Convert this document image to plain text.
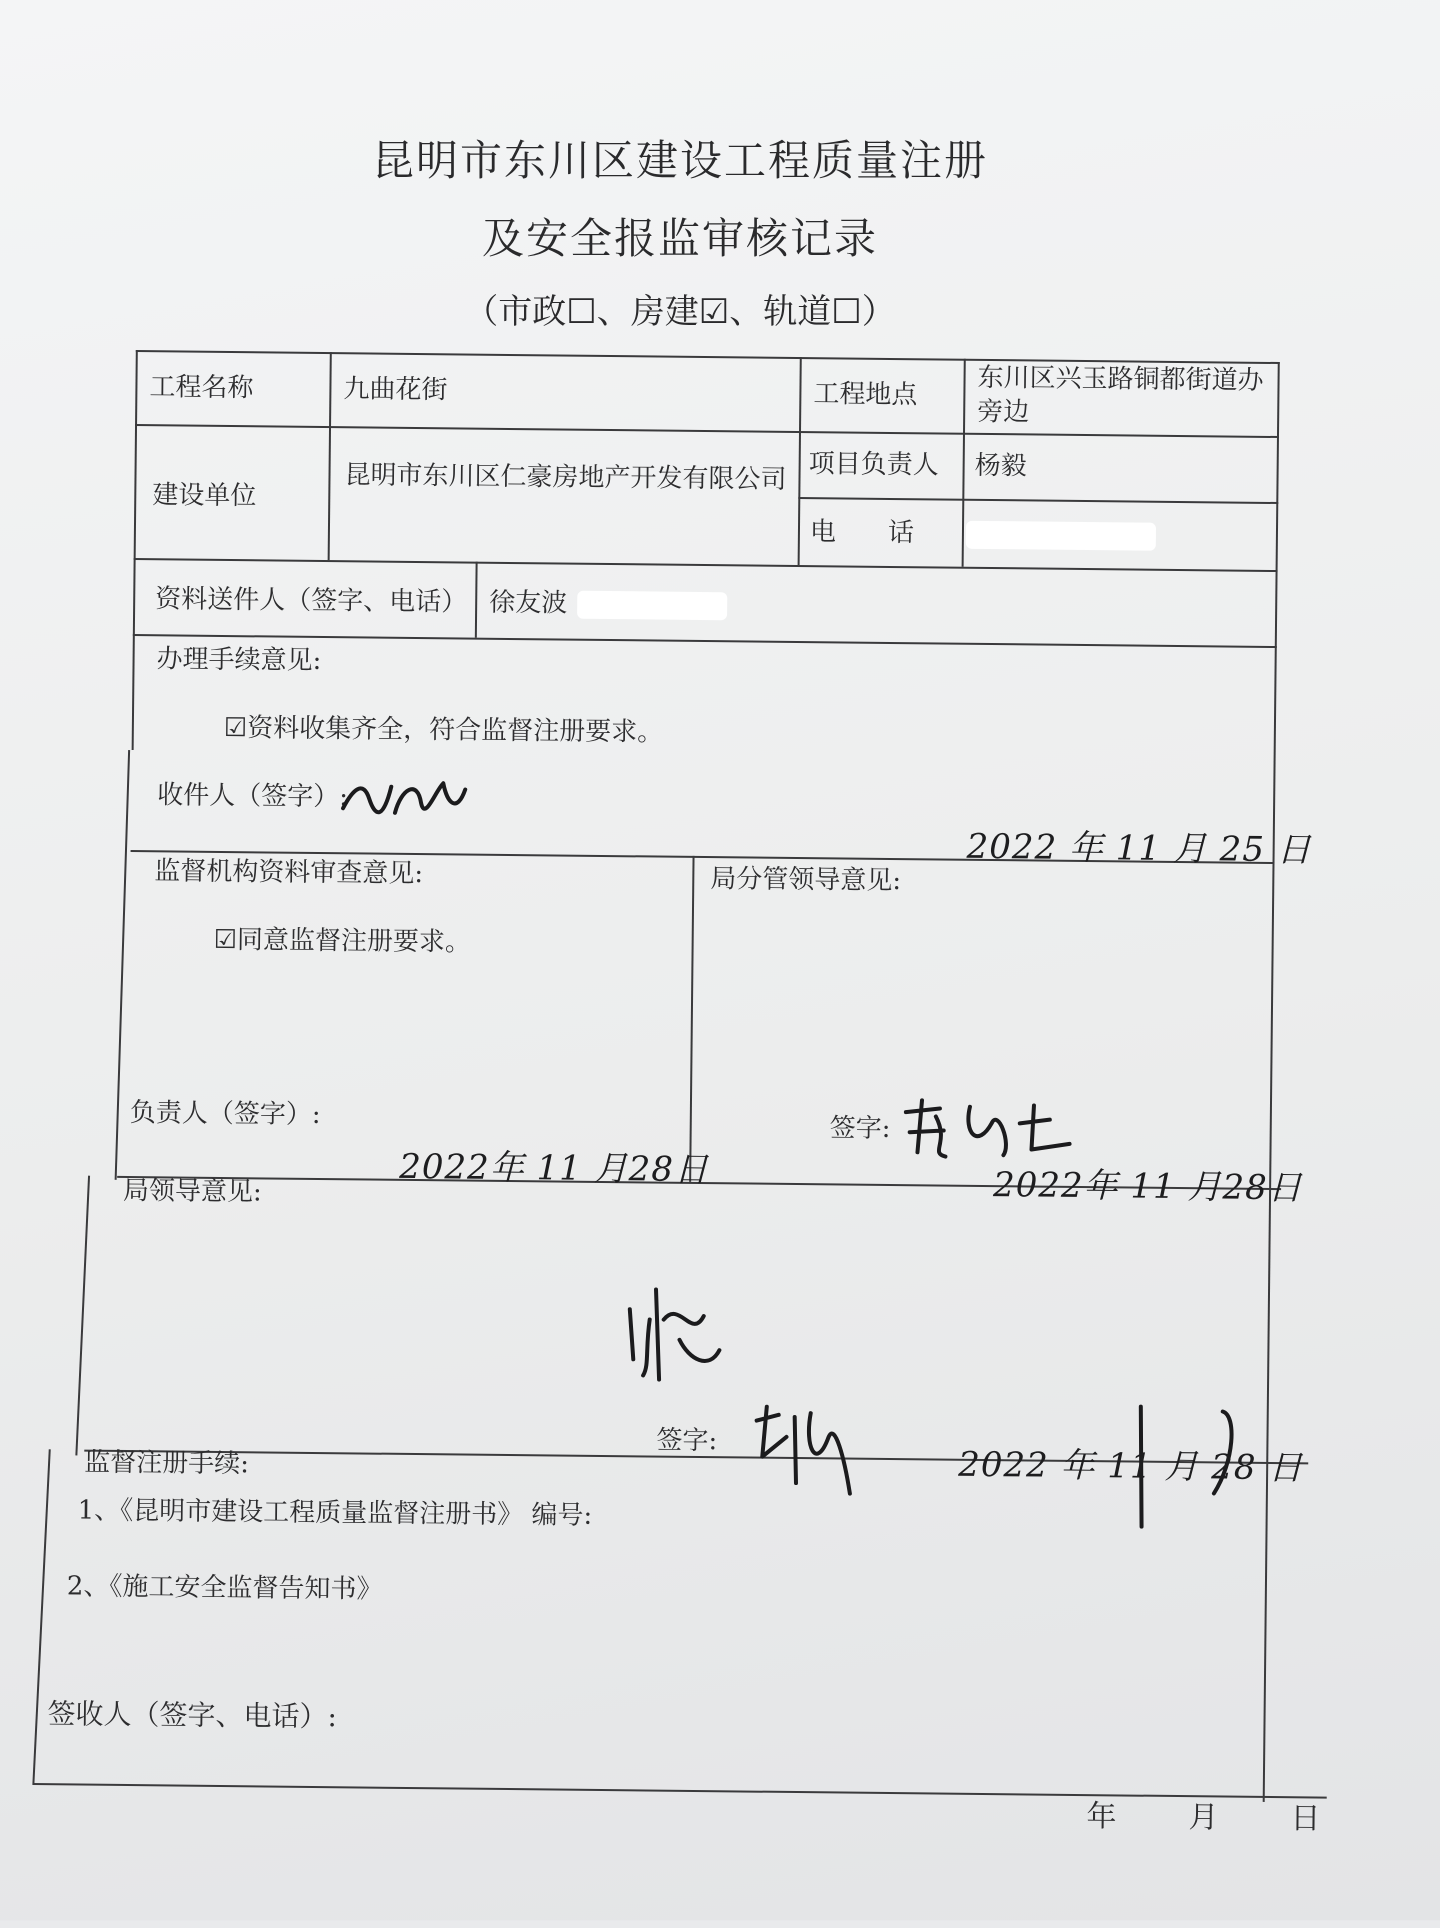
昆明市东川区建设工程质量注册
及安全报监审核记录
（市政☐、房建☑、轨道☐）
工程名称	九曲花街	工程地点 东川区兴玉路铜都街道办旁边
建设单位
昆明市东川区仁豪房地产开发有限公司 项目负责人 杨毅
电　　话
资料送件人（签字、电话） 徐友波
办理手续意见:
☑资料收集齐全，符合监督注册要求。
收件人（签字）:
2022 年 11 月 25 日
监督机构资料审查意见:
☑同意监督注册要求。
负责人（签字）:
2022年 11 月28日
局分管领导意见:
签字:
2022年 11 月28日
局领导意见:
签字:
2022 年 11 月 28 日
监督注册手续:
1、《昆明市建设工程质量监督注册书》 编号:
2、《施工安全监督告知书》
签收人（签字、电话）:
年　　月　　日
